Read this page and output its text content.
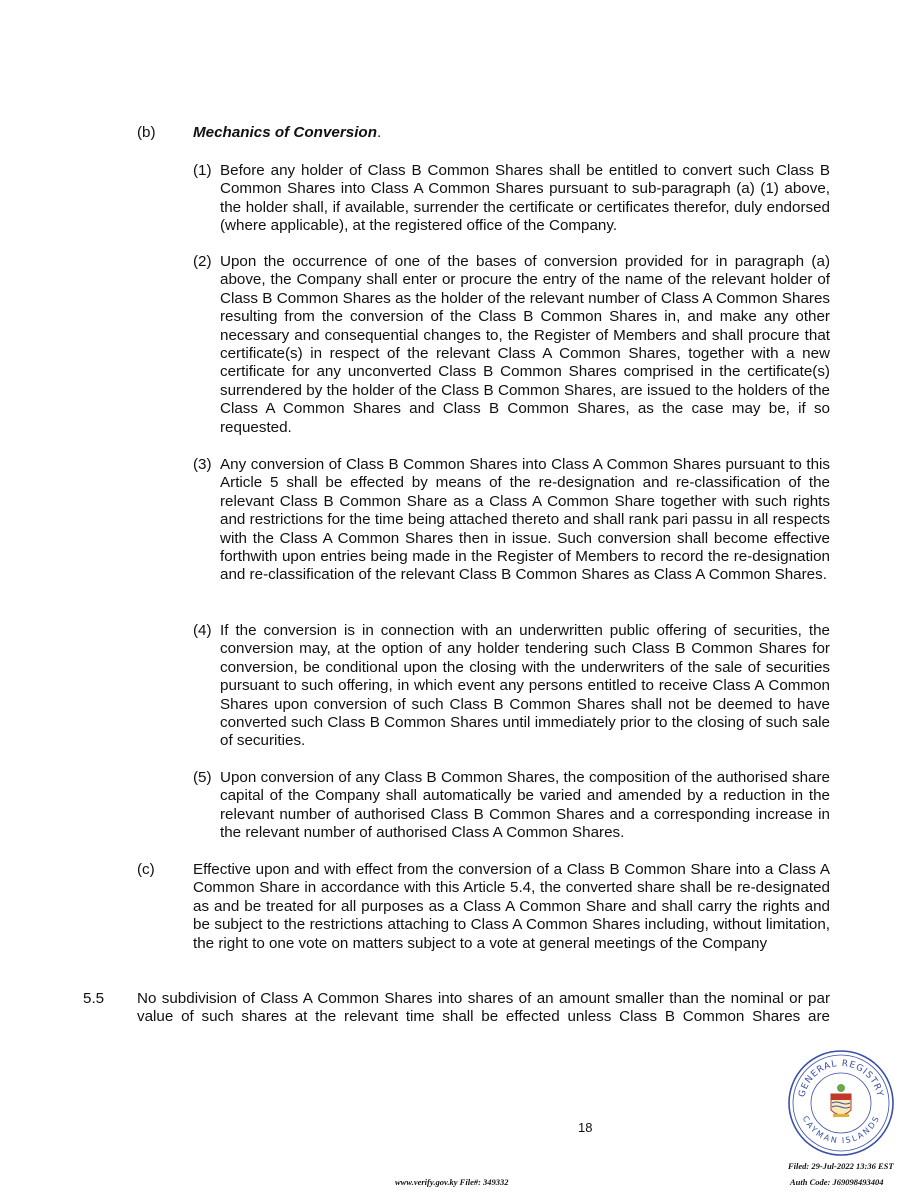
(b) Mechanics of Conversion.
(1) Before any holder of Class B Common Shares shall be entitled to convert such Class B Common Shares into Class A Common Shares pursuant to sub-paragraph (a) (1) above, the holder shall, if available, surrender the certificate or certificates therefor, duly endorsed (where applicable), at the registered office of the Company.
(2) Upon the occurrence of one of the bases of conversion provided for in paragraph (a) above, the Company shall enter or procure the entry of the name of the relevant holder of Class B Common Shares as the holder of the relevant number of Class A Common Shares resulting from the conversion of the Class B Common Shares in, and make any other necessary and consequential changes to, the Register of Members and shall procure that certificate(s) in respect of the relevant Class A Common Shares, together with a new certificate for any unconverted Class B Common Shares comprised in the certificate(s) surrendered by the holder of the Class B Common Shares, are issued to the holders of the Class A Common Shares and Class B Common Shares, as the case may be, if so requested.
(3) Any conversion of Class B Common Shares into Class A Common Shares pursuant to this Article 5 shall be effected by means of the re-designation and re-classification of the relevant Class B Common Share as a Class A Common Share together with such rights and restrictions for the time being attached thereto and shall rank pari passu in all respects with the Class A Common Shares then in issue. Such conversion shall become effective forthwith upon entries being made in the Register of Members to record the re-designation and re-classification of the relevant Class B Common Shares as Class A Common Shares.
(4) If the conversion is in connection with an underwritten public offering of securities, the conversion may, at the option of any holder tendering such Class B Common Shares for conversion, be conditional upon the closing with the underwriters of the sale of securities pursuant to such offering, in which event any persons entitled to receive Class A Common Shares upon conversion of such Class B Common Shares shall not be deemed to have converted such Class B Common Shares until immediately prior to the closing of such sale of securities.
(5) Upon conversion of any Class B Common Shares, the composition of the authorised share capital of the Company shall automatically be varied and amended by a reduction in the relevant number of authorised Class B Common Shares and a corresponding increase in the relevant number of authorised Class A Common Shares.
(c)	Effective upon and with effect from the conversion of a Class B Common Share into a Class A Common Share in accordance with this Article 5.4, the converted share shall be re-designated as and be treated for all purposes as a Class A Common Share and shall carry the rights and be subject to the restrictions attaching to Class A Common Shares including, without limitation, the right to one vote on matters subject to a vote at general meetings of the Company
5.5 No subdivision of Class A Common Shares into shares of an amount smaller than the nominal or par value of such shares at the relevant time shall be effected unless Class B Common Shares are
18
GENERAL REGISTRY
CAYMAN ISLANDS
www.verify.gov.ky File#: 349332
Filed: 29-Jul-2022 13:36 EST
Auth Code: J69098493404
